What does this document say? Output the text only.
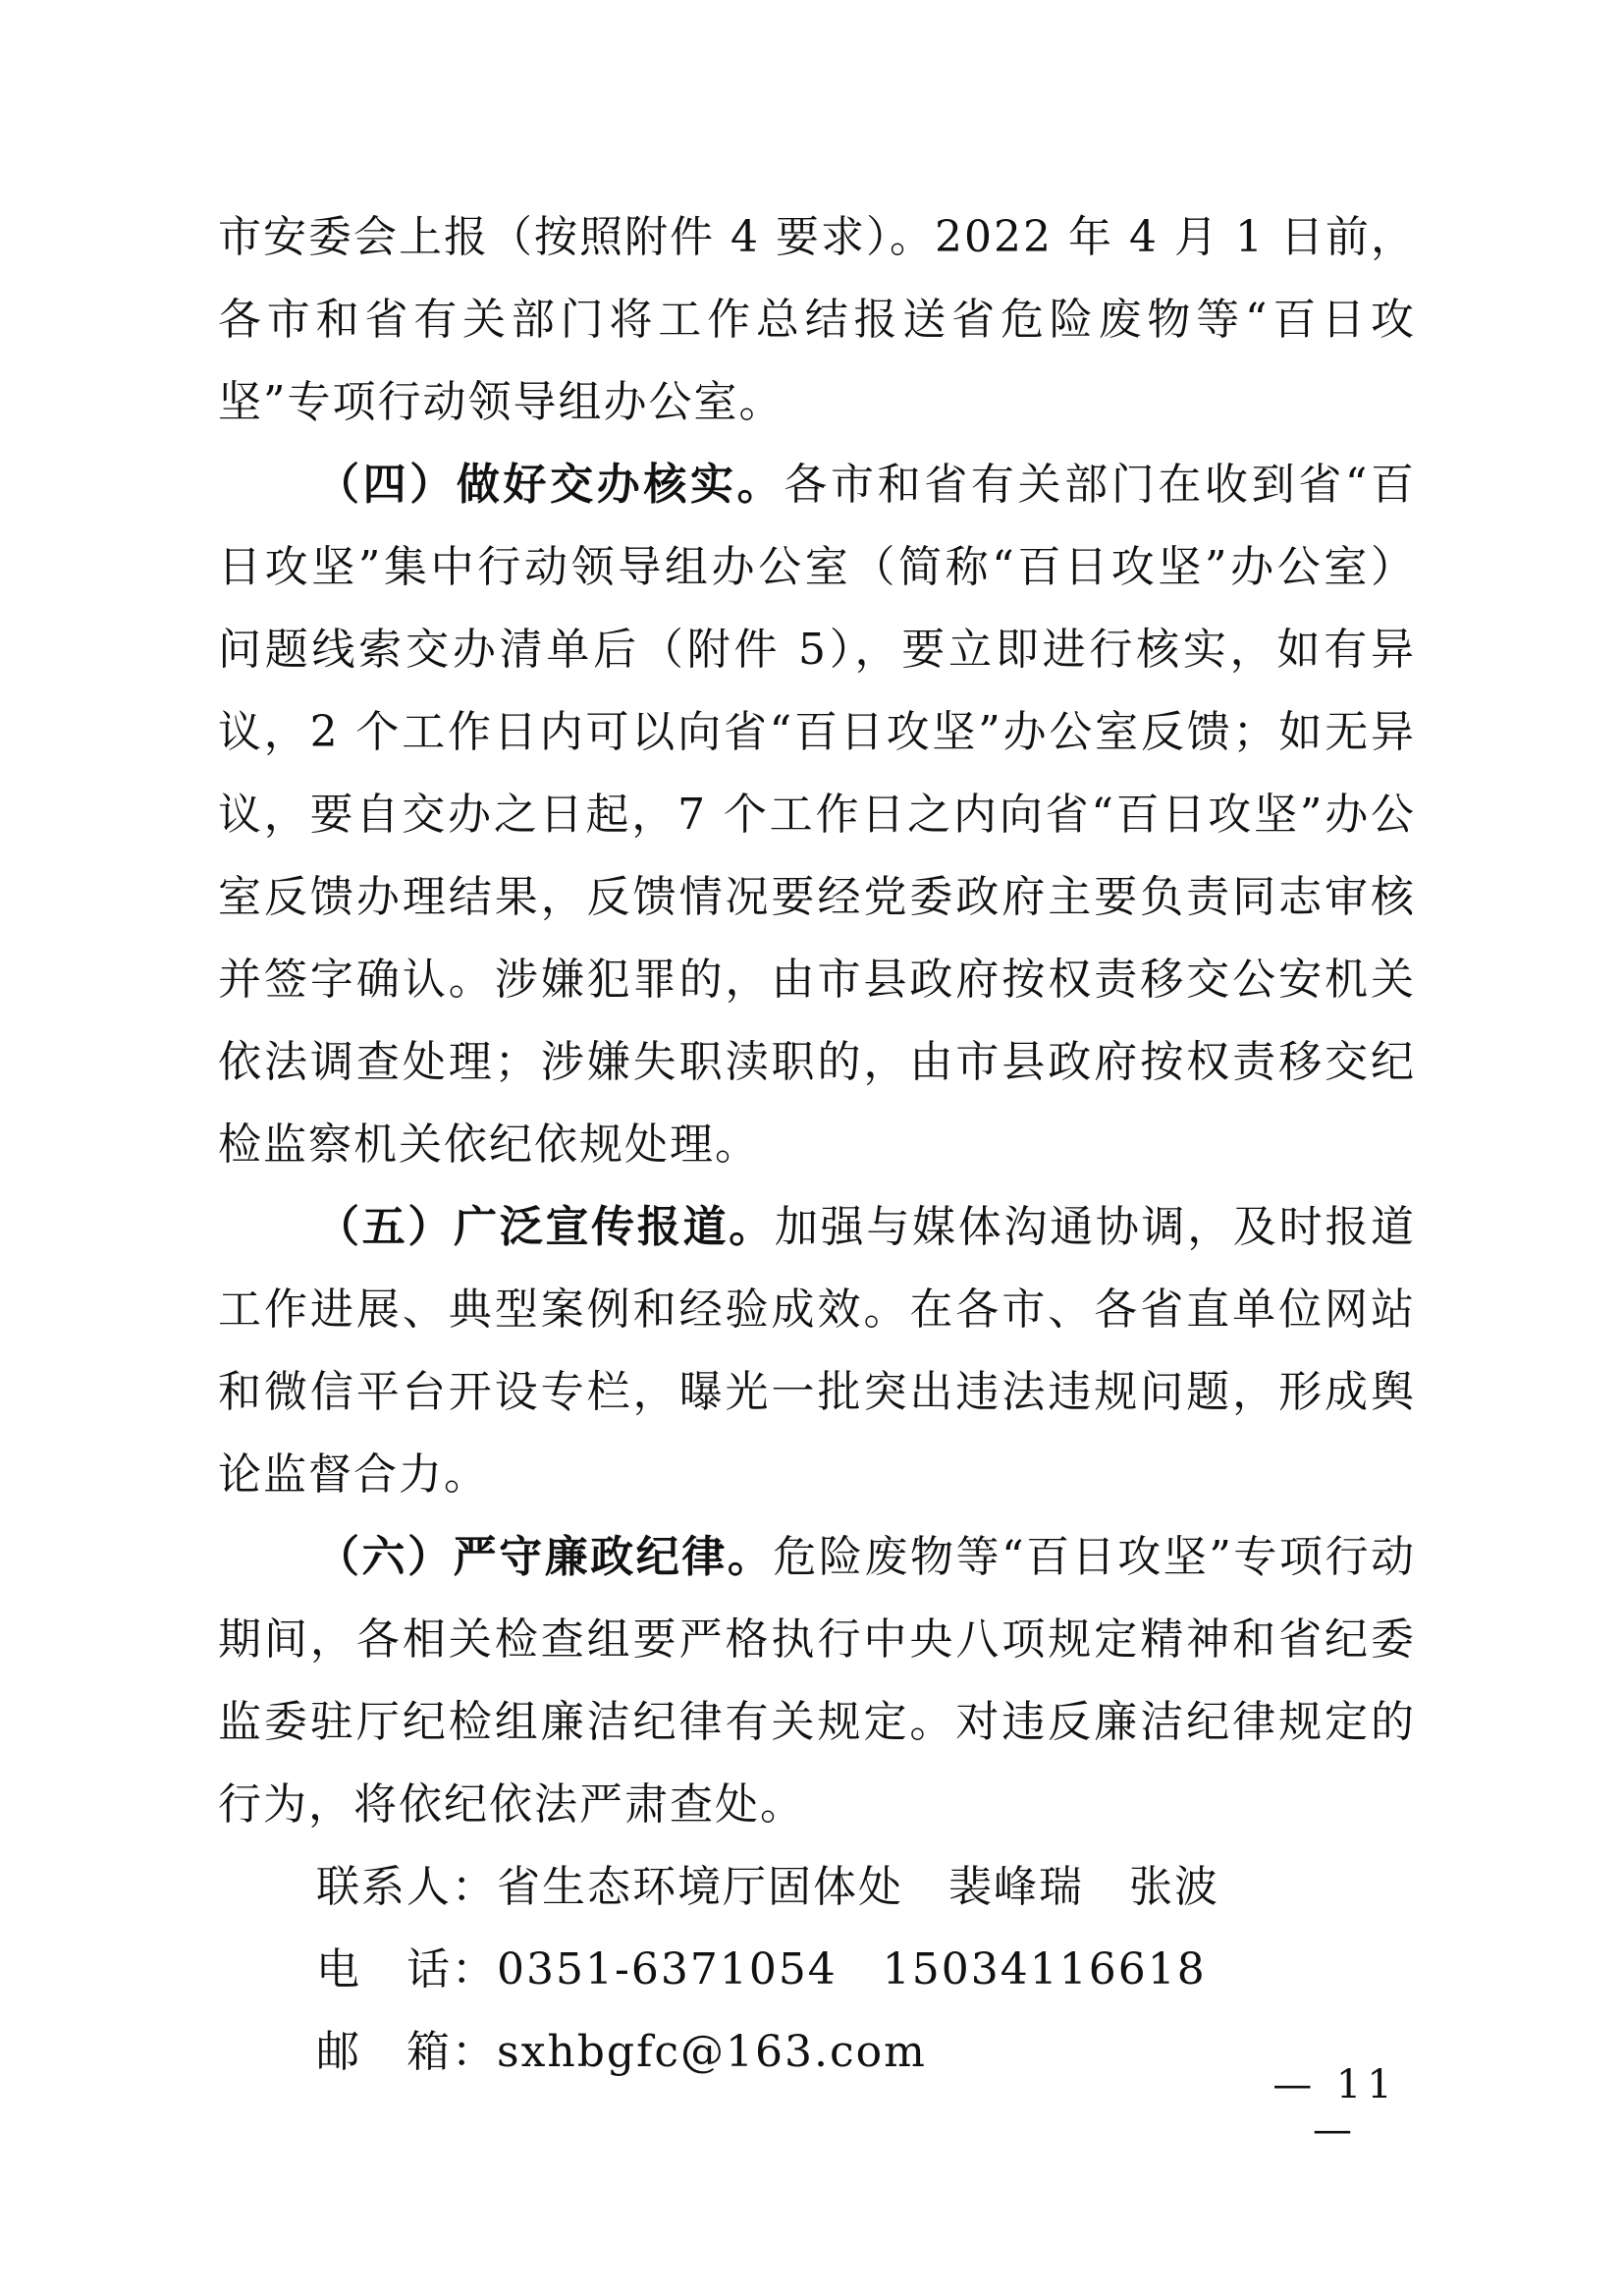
市安委会上报（按照附件 4 要求）。2022 年 4 月 1 日前，各市和省有关部门将工作总结报送省危险废物等“百日攻坚”专项行动领导组办公室。

（四）做好交办核实。各市和省有关部门在收到省“百日攻坚”集中行动领导组办公室（简称“百日攻坚”办公室）问题线索交办清单后（附件 5），要立即进行核实，如有异议，2 个工作日内可以向省“百日攻坚”办公室反馈；如无异议，要自交办之日起，7 个工作日之内向省“百日攻坚”办公室反馈办理结果，反馈情况要经党委政府主要负责同志审核并签字确认。涉嫌犯罪的，由市县政府按权责移交公安机关依法调查处理；涉嫌失职渎职的，由市县政府按权责移交纪检监察机关依纪依规处理。

（五）广泛宣传报道。加强与媒体沟通协调，及时报道工作进展、典型案例和经验成效。在各市、各省直单位网站和微信平台开设专栏，曝光一批突出违法违规问题，形成舆论监督合力。

（六）严守廉政纪律。危险废物等“百日攻坚”专项行动期间，各相关检查组要严格执行中央八项规定精神和省纪委监委驻厅纪检组廉洁纪律有关规定。对违反廉洁纪律规定的行为，将依纪依法严肃查处。

联系人：省生态环境厅固体处　裴峰瑞　张波

电　话：0351-6371054　15034116618

邮　箱：sxhbgfc@163.com

— 11 —
